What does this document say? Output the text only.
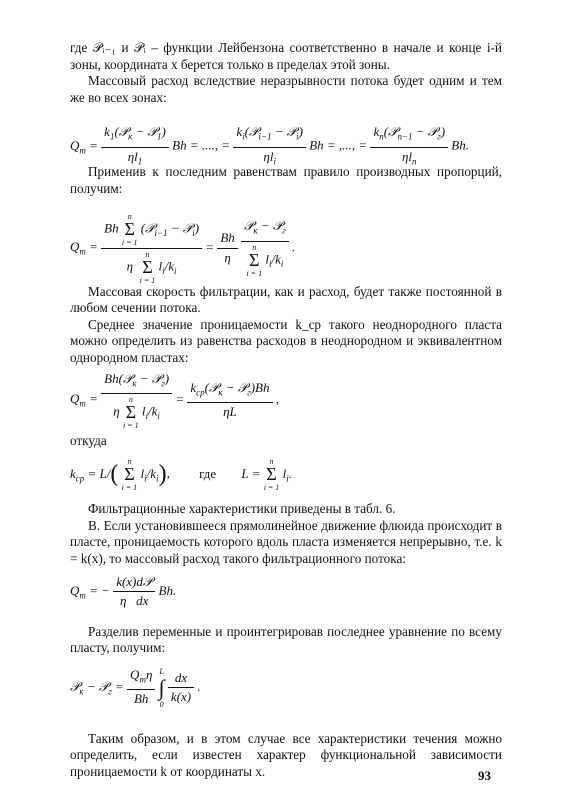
где 𝒫ᵢ₋₁ и 𝒫ᵢ – функции Лейбензона соответственно в начале и конце i-й зоны, координата x берется только в пределах этой зоны.

Массовый расход вследствие неразрывности потока будет одним и тем же во всех зонах:

$Q_m = \frac{k_1(𝒫_к - 𝒫_1)}{\eta l_1}$ Bh = ...., = $\frac{k_i(𝒫_{i-1} - 𝒫_i)}{\eta l_i}$ Bh = ,..., = $\frac{k_n(𝒫_{n-1} - 𝒫_г)}{\eta l_n} Bh$.

Применив к последним равенствам правило производных пропорций, получим:

$Q_m = Bh$
n
Σ
i = 1
(𝒫$_{i-1}$ − 𝒫$_i$)
η
n
Σ
i = 1
$l_i/k_i = \frac{Bh}{\eta}$
𝒫$_к$ − 𝒫$_г$
n
Σ
i = 1
$l_i/k_i$ .

Массовая скорость фильтрации, как и расход, будет также постоянной в любом сечении потока.

Среднее значение проницаемости k_ср такого неоднородного пласта можно определить из равенства расходов в неоднородном и эквивалентном однородном пластах:

$Q_m$ = Bh(𝒫$_к$ − 𝒫$_г$)
η
n
Σ
i = 1
$l_i/k_i = \frac{k_{ср}(𝒫_к - 𝒫_г)Bh}{\eta L}$ ,

откуда

$k_{ср} = L/$(	n
Σ
i = 1
$l_i/k_i$), где L =
n
Σ
i = 1
$l_i$.

Фильтрационные характеристики приведены в табл. 6.

В. Если установившееся прямолинейное движение флюида происходит в пласте, проницаемость которого вдоль пласта изменяется непрерывно, т.е. k = k(x), то массовый расход такого фильтрационного потока:

$Q_m$ = − $\frac{\text{k(x)d𝒫}}{\text{η   dx}} Bh$.

Разделив переменные и проинтегрировав последнее уравнение по всему пласту, получим:

𝒫$_к$ − 𝒫$_г$ = $\frac{Q_m\eta}{Bh}$
L
∫
0
$\frac{dx}{k(x)}$ .

Таким образом, и в этом случае все характеристики течения можно определить, если известен характер функциональной зависимости проницаемости k от координаты x.	93
